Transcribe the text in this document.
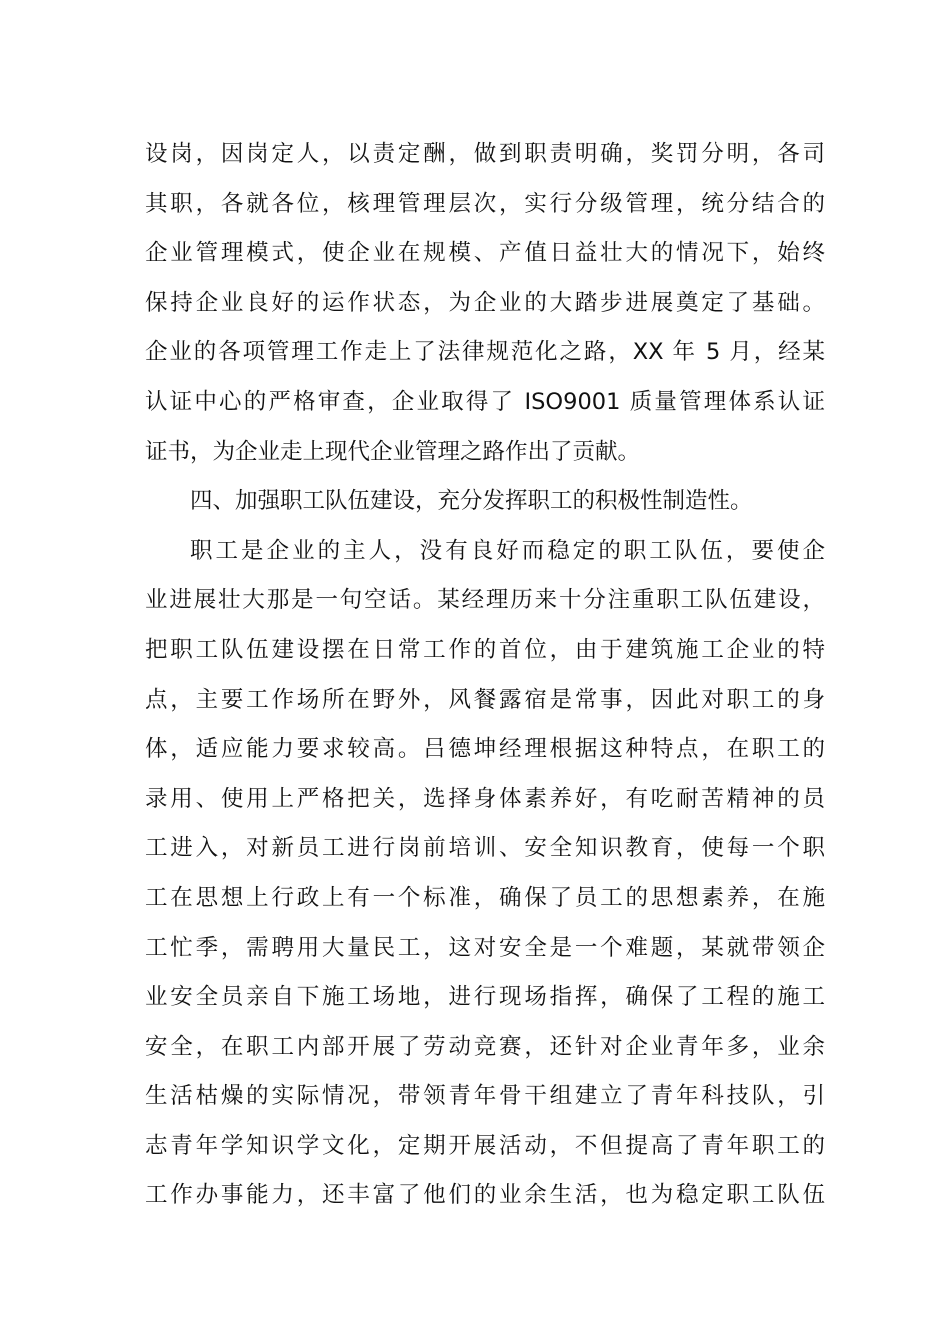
设岗，因岗定人，以责定酬，做到职责明确，奖罚分明，各司
其职，各就各位，核理管理层次，实行分级管理，统分结合的
企业管理模式，使企业在规模、产值日益壮大的情况下，始终
保持企业良好的运作状态，为企业的大踏步进展奠定了基础。
企业的各项管理工作走上了法律规范化之路，XX 年 5 月，经某
认证中心的严格审查，企业取得了 ISO9001 质量管理体系认证
证书，为企业走上现代企业管理之路作出了贡献。
四、加强职工队伍建设，充分发挥职工的积极性制造性。
职工是企业的主人，没有良好而稳定的职工队伍，要使企
业进展壮大那是一句空话。某经理历来十分注重职工队伍建设，
把职工队伍建设摆在日常工作的首位，由于建筑施工企业的特
点，主要工作场所在野外，风餐露宿是常事，因此对职工的身
体，适应能力要求较高。吕德坤经理根据这种特点，在职工的
录用、使用上严格把关，选择身体素养好，有吃耐苦精神的员
工进入，对新员工进行岗前培训、安全知识教育，使每一个职
工在思想上行政上有一个标准，确保了员工的思想素养，在施
工忙季，需聘用大量民工，这对安全是一个难题，某就带领企
业安全员亲自下施工场地，进行现场指挥，确保了工程的施工
安全，在职工内部开展了劳动竞赛，还针对企业青年多，业余
生活枯燥的实际情况，带领青年骨干组建立了青年科技队，引
志青年学知识学文化，定期开展活动，不但提高了青年职工的
工作办事能力，还丰富了他们的业余生活，也为稳定职工队伍
